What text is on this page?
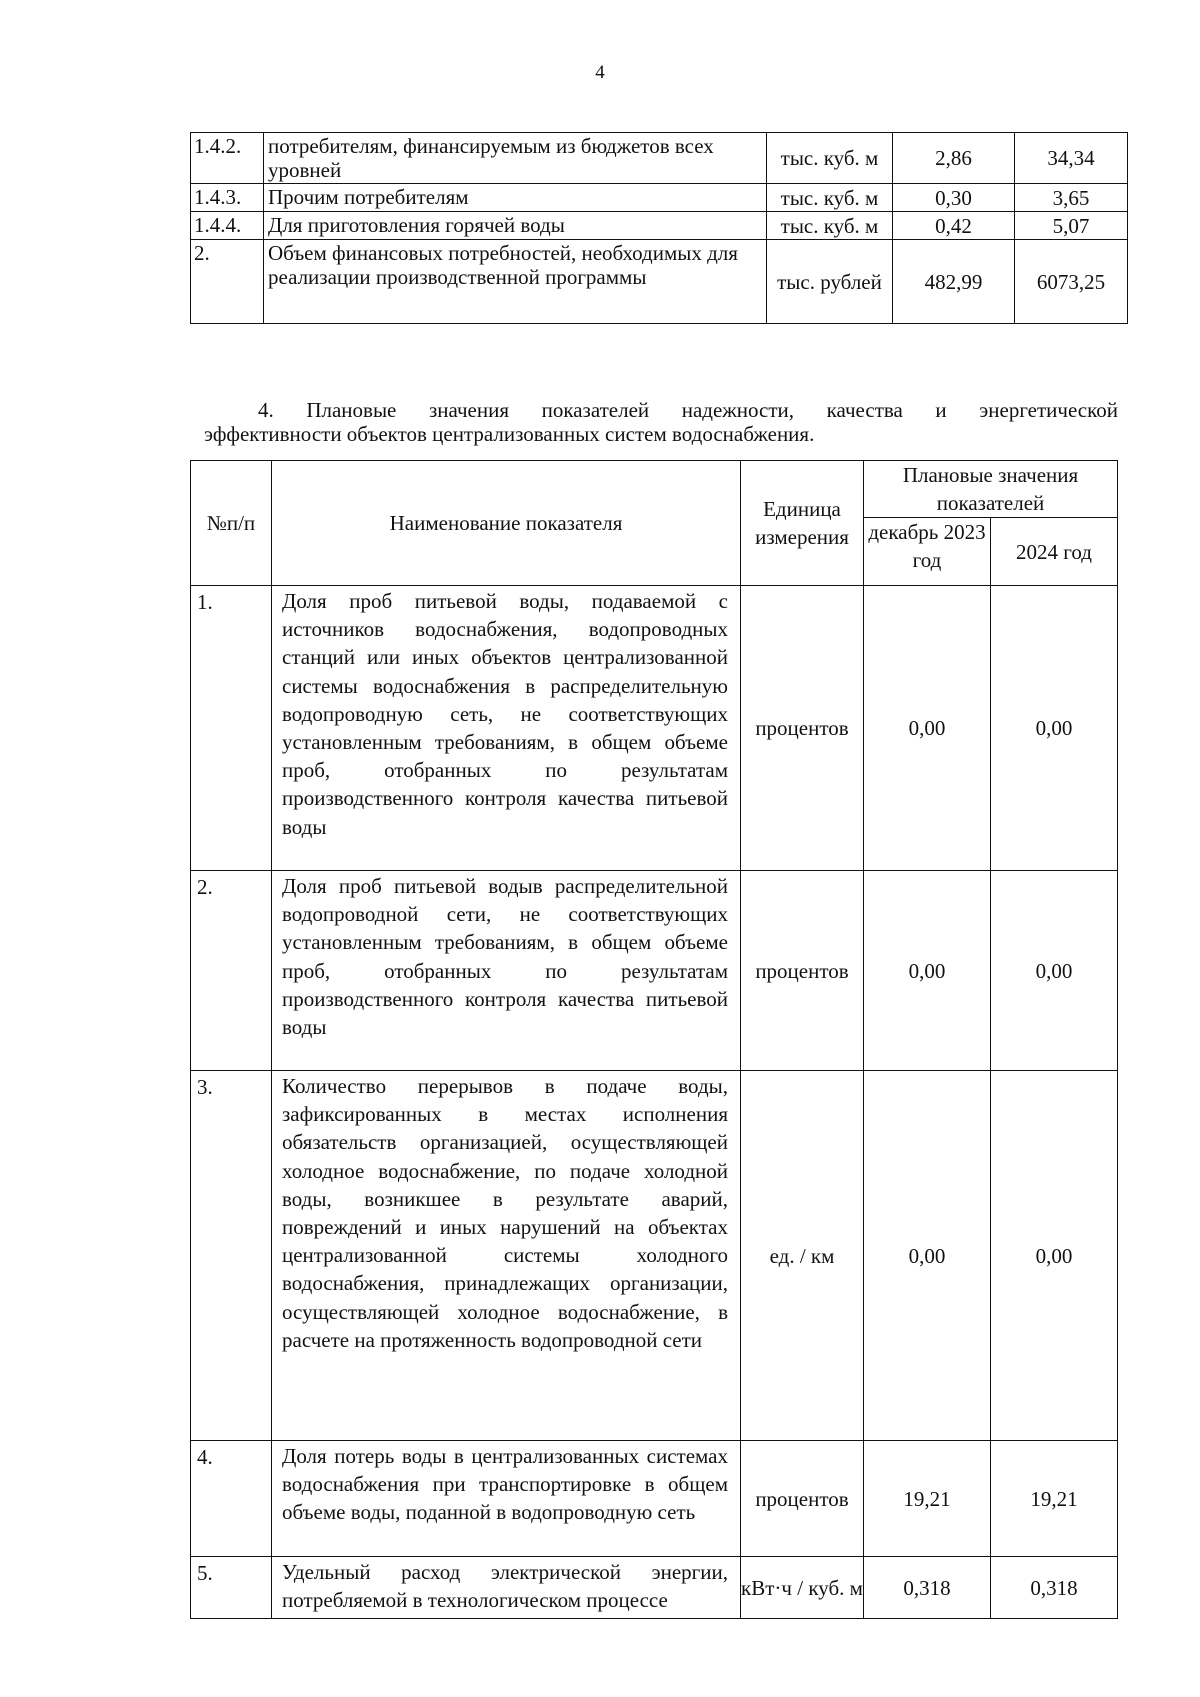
4
1.4.2.	потребителям, финансируемым из бюджетов всех уровней	тыс. куб. м	2,86	34,34
1.4.3.	Прочим потребителям	тыс. куб. м	0,30	3,65
1.4.4.	Для приготовления горячей воды	тыс. куб. м	0,42	5,07
2.	Объем финансовых потребностей, необходимых для реализации производственной программы	тыс. рублей	482,99	6073,25
4. Плановые значения показателей надежности, качества и энергетической
эффективности объектов централизованных систем водоснабжения.
№п/п	Наименование показателя	Единица измерения	Плановые значения показателей	
			декабрь 2023 год	2024 год
1.	Доля проб питьевой воды, подаваемой с источников водоснабжения, водопроводных станций или иных объектов централизованной системы водоснабжения в распределительную водопроводную сеть, не соответствующих установленным требованиям, в общем объеме проб, отобранных по результатам производственного контроля качества питьевой воды	процентов	0,00	0,00
2.	Доля проб питьевой водыв распределительной водопроводной сети, не соответствующих установленным требованиям, в общем объеме проб, отобранных по результатам производственного контроля качества питьевой воды	процентов	0,00	0,00
3.	Количество перерывов в подаче воды, зафиксированных в местах исполнения обязательств организацией, осуществляющей холодное водоснабжение, по подаче холодной воды, возникшее в результате аварий, повреждений и иных нарушений на объектах централизованной системы холодного водоснабжения, принадлежащих организации, осуществляющей холодное водоснабжение, в расчете на протяженность водопроводной сети	ед. / км	0,00	0,00
4.	Доля потерь воды в централизованных системах водоснабжения при транспортировке в общем объеме воды, поданной в водопроводную сеть	процентов	19,21	19,21
5.	Удельный расход электрической энергии, потребляемой в технологическом процессе	кВт·ч / куб. м	0,318	0,318
